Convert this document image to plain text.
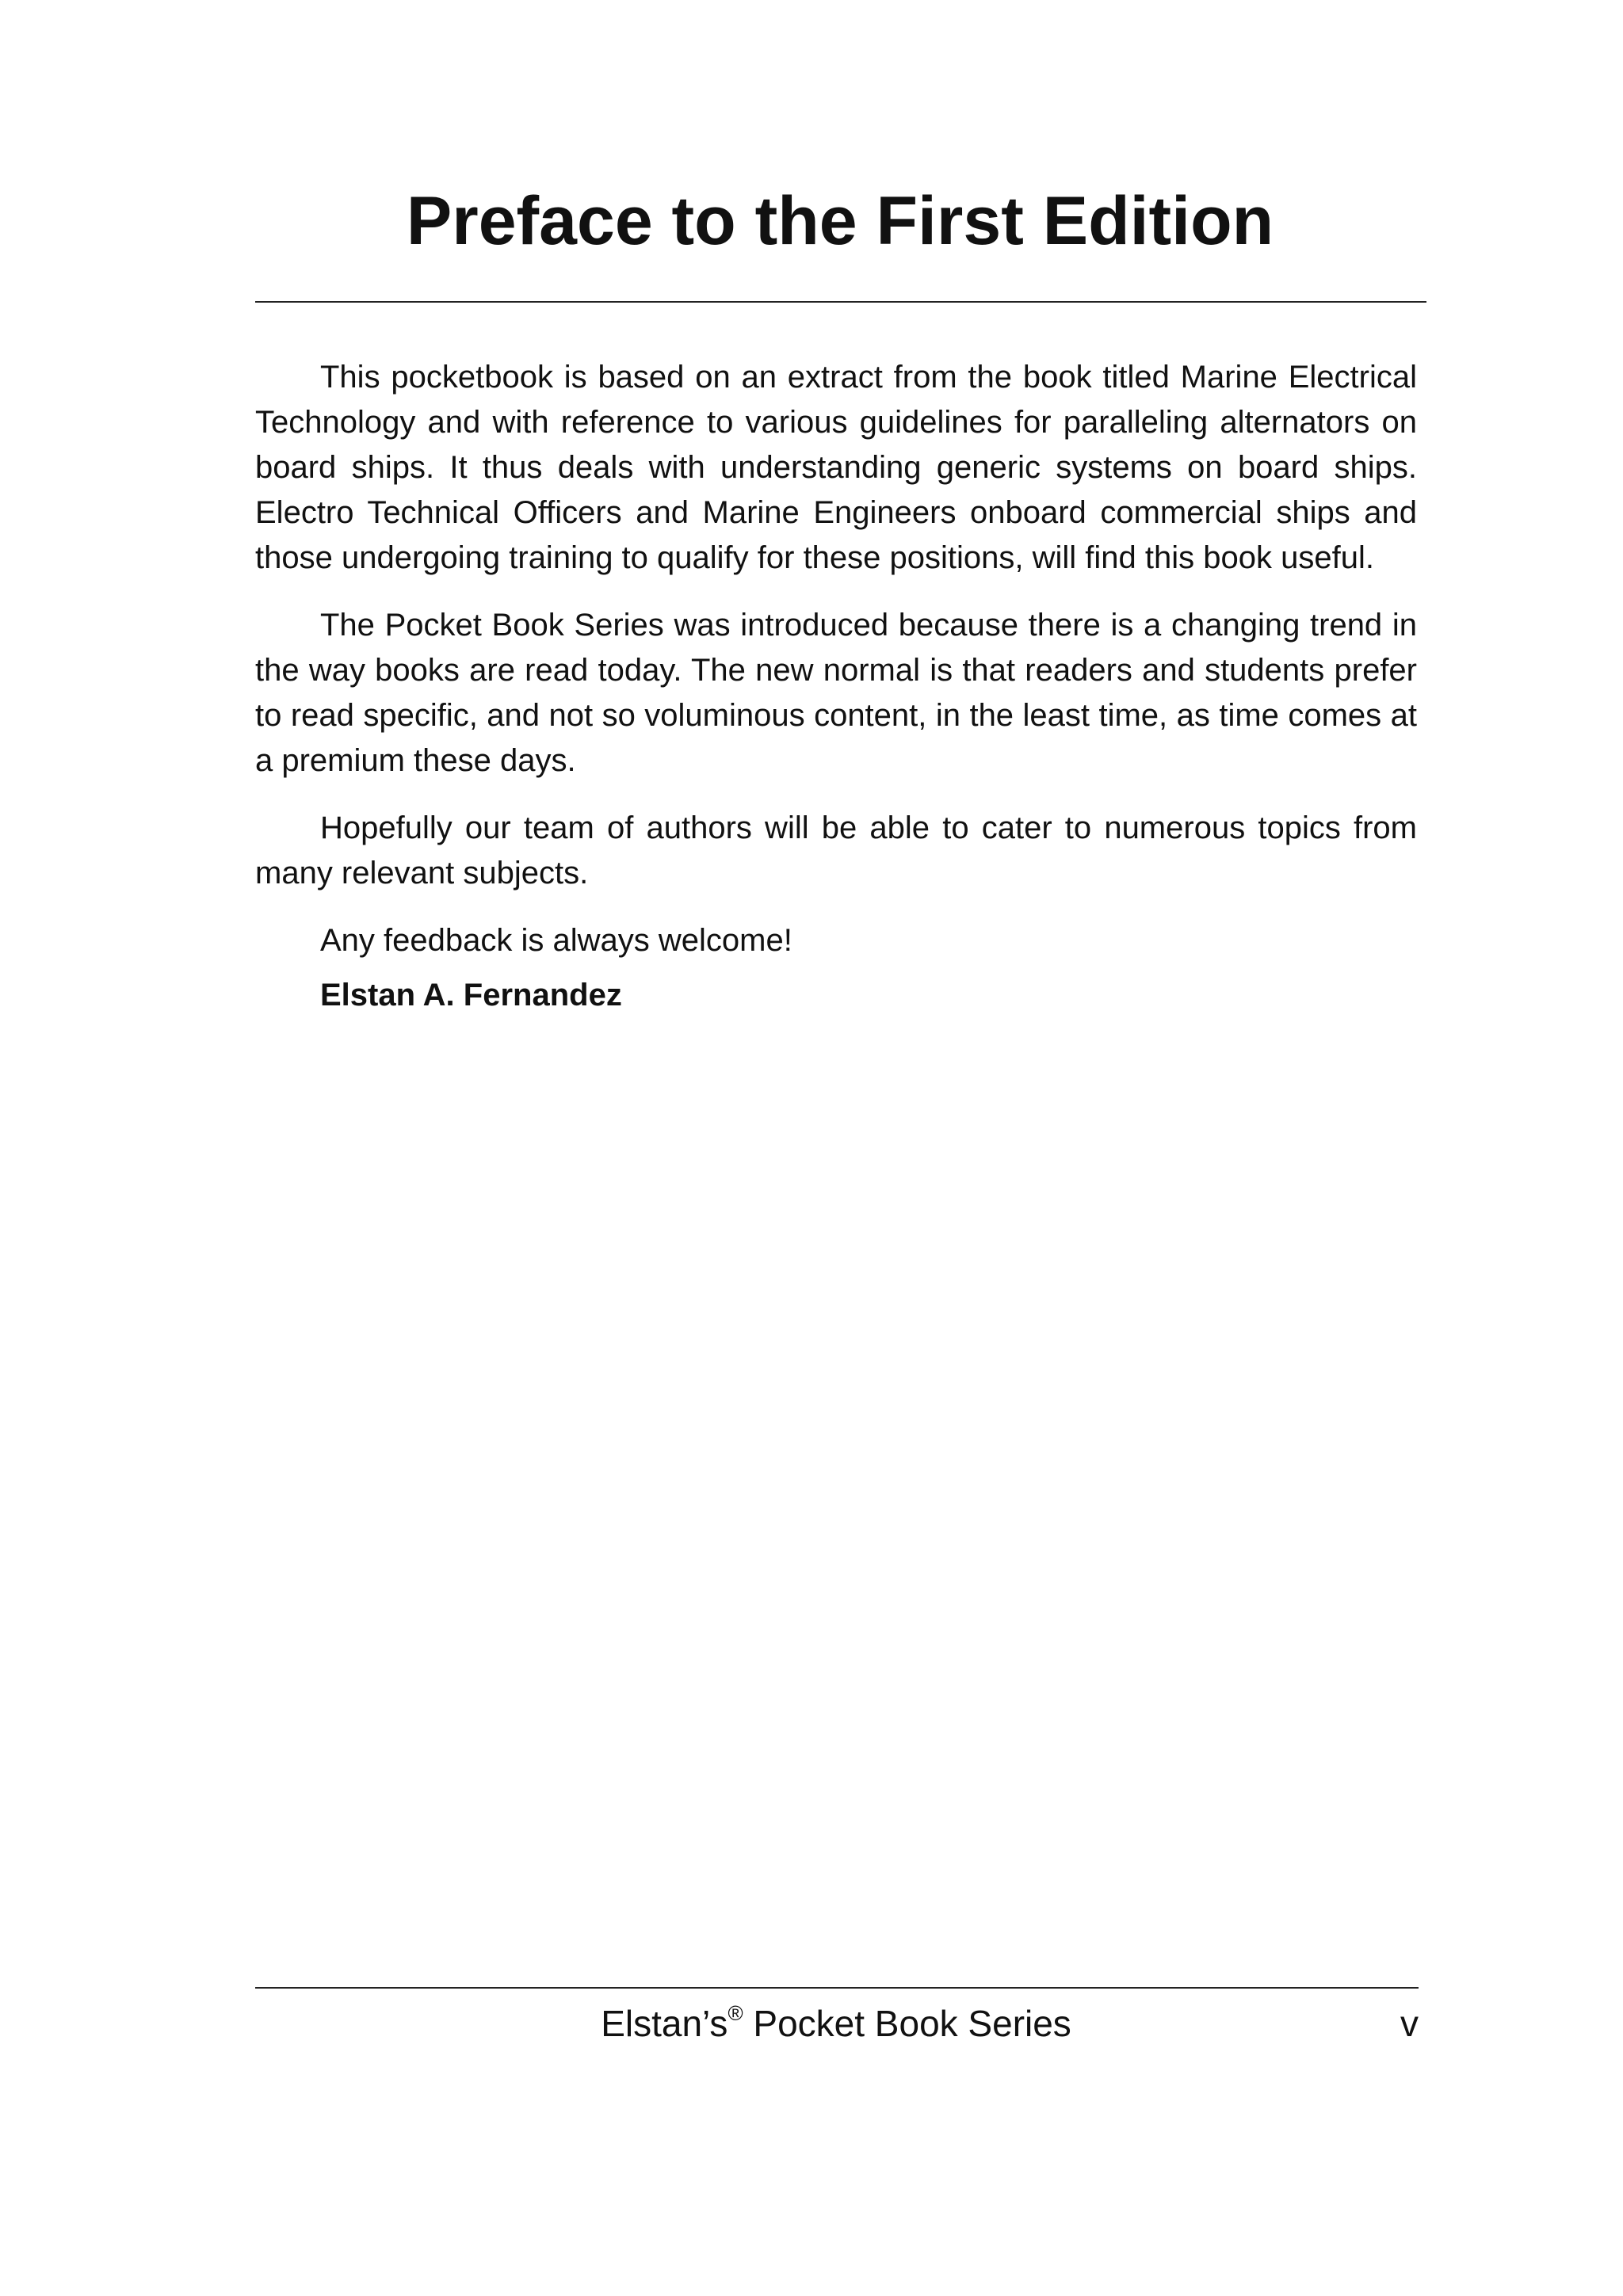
Preface to the First Edition

This pocketbook is based on an extract from the book titled Marine Electrical Technology and with reference to various guidelines for paralleling alternators on board ships. It thus deals with understanding generic systems on board ships. Electro Technical Officers and Marine Engineers onboard commercial ships and those undergoing training to qualify for these positions, will find this book useful.

The Pocket Book Series was introduced because there is a changing trend in the way books are read today. The new normal is that readers and students prefer to read specific, and not so voluminous content, in the least time, as time comes at a premium these days.

Hopefully our team of authors will be able to cater to numerous topics from many relevant subjects.

Any feedback is always welcome!

Elstan A. Fernandez

Elstan’s® Pocket Book Series	v
